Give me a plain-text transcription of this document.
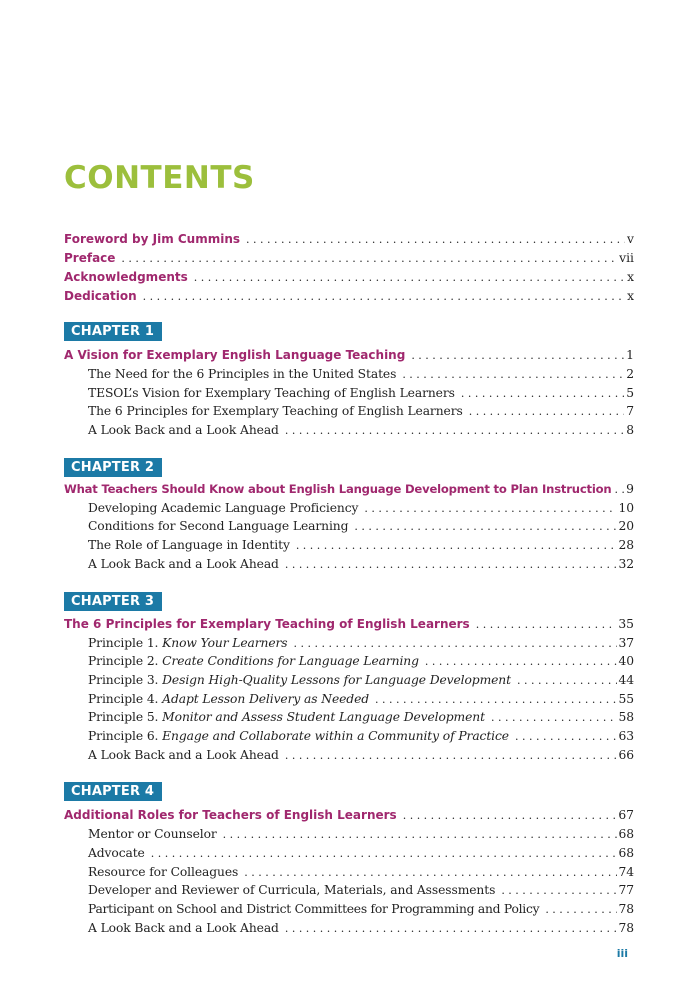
CONTENTS
Foreword by Jim Cummins . . .	v
Preface . . .	vii
Acknowledgments . . .	x
Dedication . . .	x
CHAPTER 1
A Vision for Exemplary English Language Teaching . . .	1
The Need for the 6 Principles in the United States . . .	2
TESOL’s Vision for Exemplary Teaching of English Learners . . .	5
The 6 Principles for Exemplary Teaching of English Learners . . .	7
A Look Back and a Look Ahead . . .	8
CHAPTER 2
What Teachers Should Know about English Language Development to Plan Instruction . . . 9
Developing Academic Language Proficiency . . .	10
Conditions for Second Language Learning . . .	20
The Role of Language in Identity . . .	28
A Look Back and a Look Ahead . . .	32
CHAPTER 3
The 6 Principles for Exemplary Teaching of English Learners . . .	35
Principle 1. Know Your Learners . . .	37
Principle 2. Create Conditions for Language Learning . . .	40
Principle 3. Design High-Quality Lessons for Language Development . . .	44
Principle 4. Adapt Lesson Delivery as Needed . . .	55
Principle 5. Monitor and Assess Student Language Development . . .	58
Principle 6. Engage and Collaborate within a Community of Practice . . .	63
A Look Back and a Look Ahead . . .	66
CHAPTER 4
Additional Roles for Teachers of English Learners . . .	67
Mentor or Counselor . . .	68
Advocate . . .	68
Resource for Colleagues . . .	74
Developer and Reviewer of Curricula, Materials, and Assessments . . .	77
Participant on School and District Committees for Programming and Policy . . .	78
A Look Back and a Look Ahead . . .	78
iii
